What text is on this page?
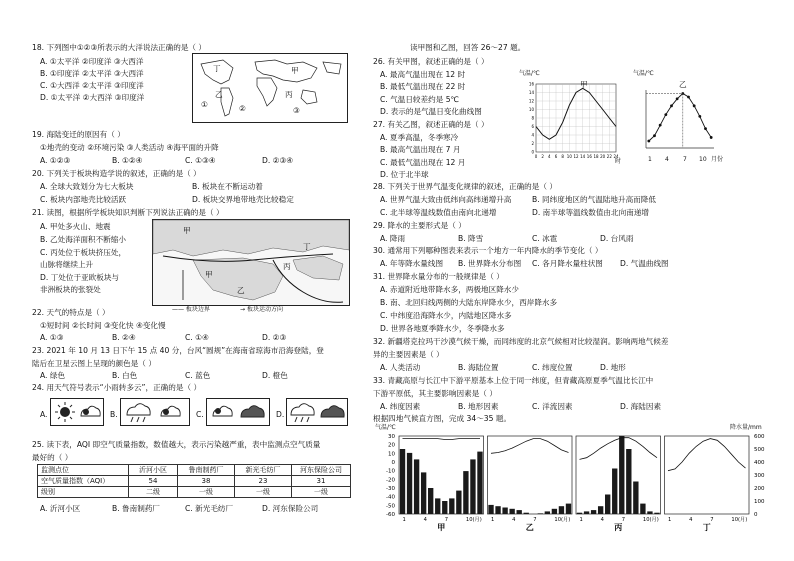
18. 下列图中①②③所表示的大洋说法正确的是（ ）
A. ①太平洋 ②印度洋 ③大西洋
B. ①印度洋 ②太平洋 ③大西洋
C. ①大西洋 ②太平洋 ③印度洋
D. ①太平洋 ②大西洋 ③印度洋
丁	甲
乙	丙
①	②	③
19. 海陆变迁的原因有（ ）
①地壳的变动 ②环境污染 ③人类活动 ④海平面的升降
A. ①②③	B. ①②④	C. ①③④	D. ②③④
20. 下列关于板块构造学说的叙述，正确的是（ ）
A. 全球大致划分为七大板块	B. 板块在不断运动着
C. 板块内部地壳比较活跃	D. 板块交界地带地壳比较稳定
21. 读图，根据所学板块知识判断下列说法正确的是（ ）
A. 甲处多火山、地震
B. 乙处海洋面积不断缩小
C. 丙处位于板块挤压处，
山脉将继续上升
D. 丁处位于亚欧板块与
非洲板块的张裂处
甲
甲
乙
丙
丁
—— 板块边界	→ 板块运动方向
22. 天气的特点是（ ）
①短时间 ②长时间 ③变化快 ④变化慢
A. ①③	B. ②④	C. ①④	D. ②③
23. 2021 年 10 月 13 日下午 15 点 40 分，台风“圆规”在海南省琼海市沿海登陆，登
陆后在卫星云图上呈现的颜色是（ ）
A. 绿色	B. 白色	C. 蓝色	D. 橙色
24. 用天气符号表示“小雨转多云”，正确的是（ ）
A.	B.	C.	D.
25. 读下表，AQI 即空气质量指数，数值越大，表示污染越严重，表中监测点空气质量
最好的（ ）
监测点位	沂河小区	鲁南制药厂	新光毛纺厂	河东保险公司
空气质量指数（AQI）	54	38	23	31
级别	二级	一级	一级	一级
A. 沂河小区	B. 鲁南制药厂	C. 新光毛纺厂	D. 河东保险公司
读甲图和乙图，回答 26～27 题。
26. 有关甲图，叙述正确的是（ ）
A. 最高气温出现在 12 时
B. 最低气温出现在 22 时
C. 气温日较差约是 5℃
D. 表示的是气温日变化曲线图
27. 有关乙图，叙述正确的是（ ）
A. 夏季高温，冬季寒冷
B. 最高气温出现在 7 月
C. 最低气温出现在 12 月
D. 位于北半球
气温/℃
甲
0 2 4 6 8 10 12 14 16 18 20 22 24
0
2
4
6
8
10
12
14
16
时
气温/℃
乙
1 4 7 10 月份
28. 下列关于世界气温变化规律的叙述，正确的是（ ）
A. 世界气温大致由低纬向高纬递增升高	B. 同纬度地区的气温陆地升高而降低
C. 北半球等温线数值由南向北递增	D. 南半球等温线数值由北向南递增
29. 降水的主要形式是（ ）
A. 降雨	B. 降雪	C. 冰雹	D. 台风雨
30. 通常用下列哪种图表来表示一个地方一年内降水的季节变化（ ）
A. 年等降水量线图 B. 世界降水分布图 C. 各月降水量柱状图 D. 气温曲线图
31. 世界降水量分布的一般规律是（ ）
A. 赤道附近地带降水多，两极地区降水少
B. 南、北回归线两侧的大陆东岸降水少，西岸降水多
C. 中纬度沿海降水少，内陆地区降水多
D. 世界各地夏季降水少，冬季降水多
32. 新疆塔克拉玛干沙漠气候干燥，而同纬度的北京气候相对比较湿润。影响两地气候差
异的主要因素是（ ）
A. 人类活动	B. 海陆位置	C. 纬度位置	D. 地形
33. 青藏高原与长江中下游平原基本上位于同一纬度，但青藏高原夏季气温比长江中
下游平原低，其主要影响因素是（ ）
A. 纬度因素	B. 地形因素	C. 洋流因素	D. 海陆因素
根据四地气候直方图，完成 34～35 题。
气温/℃	降水量/mm
30
20
10
0
-10
-20
-30
-40
-50
-60
600
500
400
300
200
100
0
1	4	7	10(月)
甲
1	4	7	10(月)
乙
1	4	7	10(月)
丙
1	4	7	10(月)
丁
